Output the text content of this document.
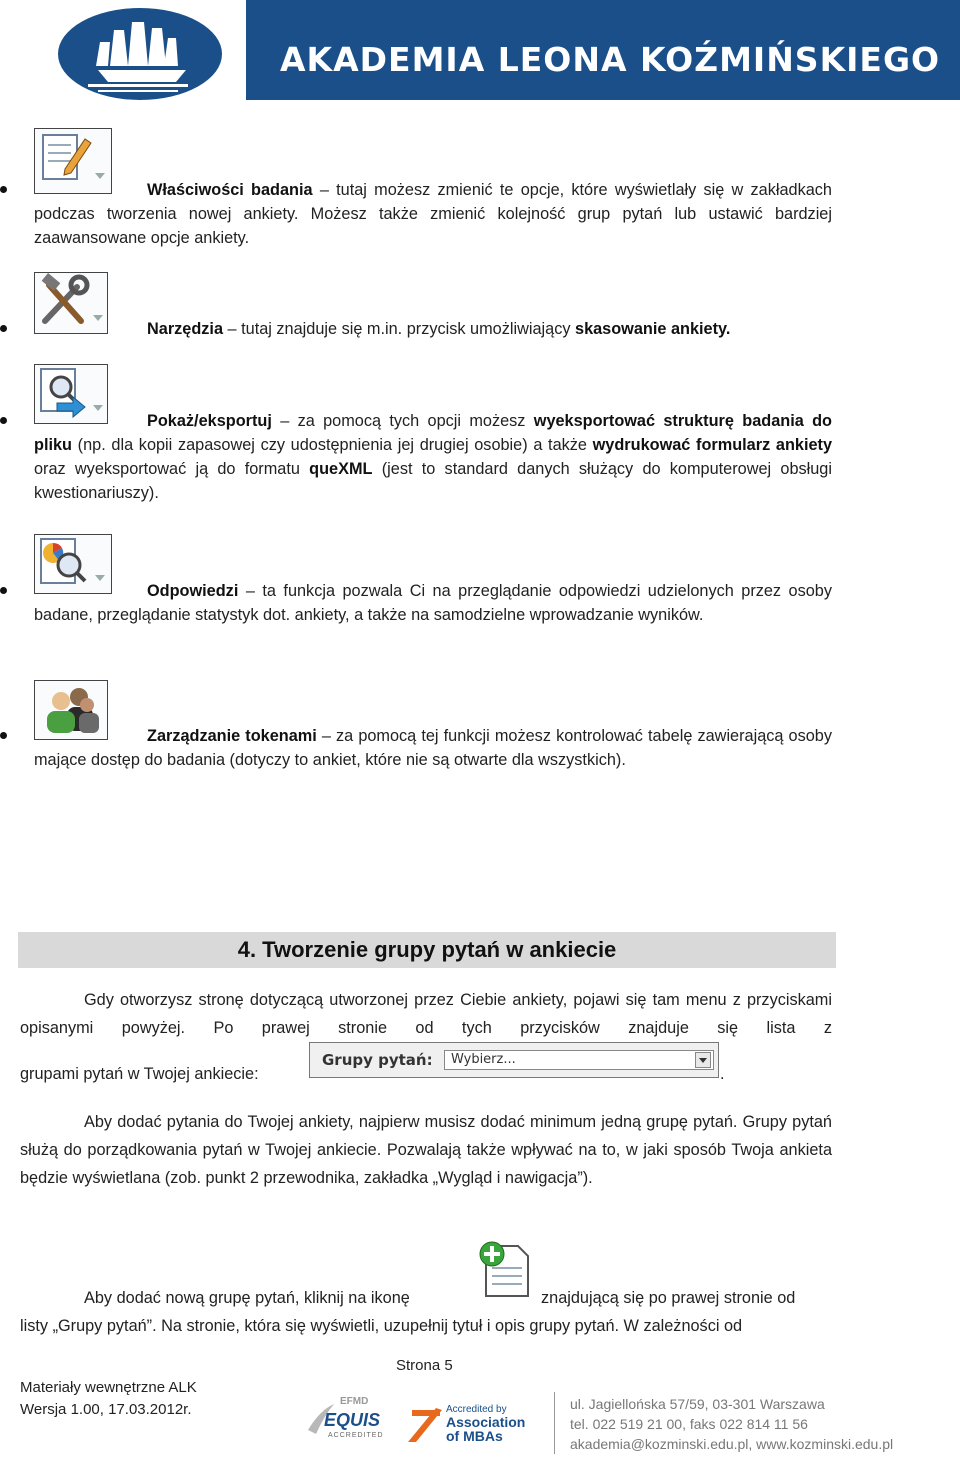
AKADEMIA LEONA KOŹMIŃSKIEGO
Właściwości badania – tutaj możesz zmienić te opcje, które wyświetlały się w zakładkach podczas tworzenia nowej ankiety. Możesz także zmienić kolejność grup pytań lub ustawić bardziej zaawansowane opcje ankiety.
Narzędzia – tutaj znajduje się m.in. przycisk umożliwiający skasowanie ankiety.
Pokaż/eksportuj – za pomocą tych opcji możesz wyeksportować strukturę badania do pliku (np. dla kopii zapasowej czy udostępnienia jej drugiej osobie) a także wydrukować formularz ankiety oraz wyeksportować ją do formatu queXML (jest to standard danych służący do komputerowej obsługi kwestionariuszy).
Odpowiedzi – ta funkcja pozwala Ci na przeglądanie odpowiedzi udzielonych przez osoby badane, przeglądanie statystyk dot. ankiety, a także na samodzielne wprowadzanie wyników.
Zarządzanie tokenami – za pomocą tej funkcji możesz kontrolować tabelę zawierającą osoby mające dostęp do badania (dotyczy to ankiet, które nie są otwarte dla wszystkich).
4. Tworzenie grupy pytań w ankiecie
Gdy otworzysz stronę dotyczącą utworzonej przez Ciebie ankiety, pojawi się tam menu z przyciskami opisanymi powyżej. Po prawej stronie od tych przycisków znajduje się lista z
grupami pytań w Twojej ankiecie:
Grupy pytań: Wybierz...
.
Aby dodać pytania do Twojej ankiety, najpierw musisz dodać minimum jedną grupę pytań. Grupy pytań służą do porządkowania pytań w Twojej ankiecie. Pozwalają także wpływać na to, w jaki sposób Twoja ankieta będzie wyświetlana (zob. punkt 2 przewodnika, zakładka „Wygląd i nawigacja”).
Aby dodać nową grupę pytań, kliknij na ikonę	znajdującą się po prawej stronie od
listy „Grupy pytań”. Na stronie, która się wyświetli, uzupełnij tytuł i opis grupy pytań. W zależności od
Strona 5
Materiały wewnętrzne ALK
Wersja 1.00, 17.03.2012r.	EFMD
EQUIS
ACCREDITED
Accredited by
Association
of MBAs
ul. Jagiellońska 57/59, 03-301 Warszawa
tel. 022 519 21 00, faks 022 814 11 56
akademia@kozminski.edu.pl, www.kozminski.edu.pl
